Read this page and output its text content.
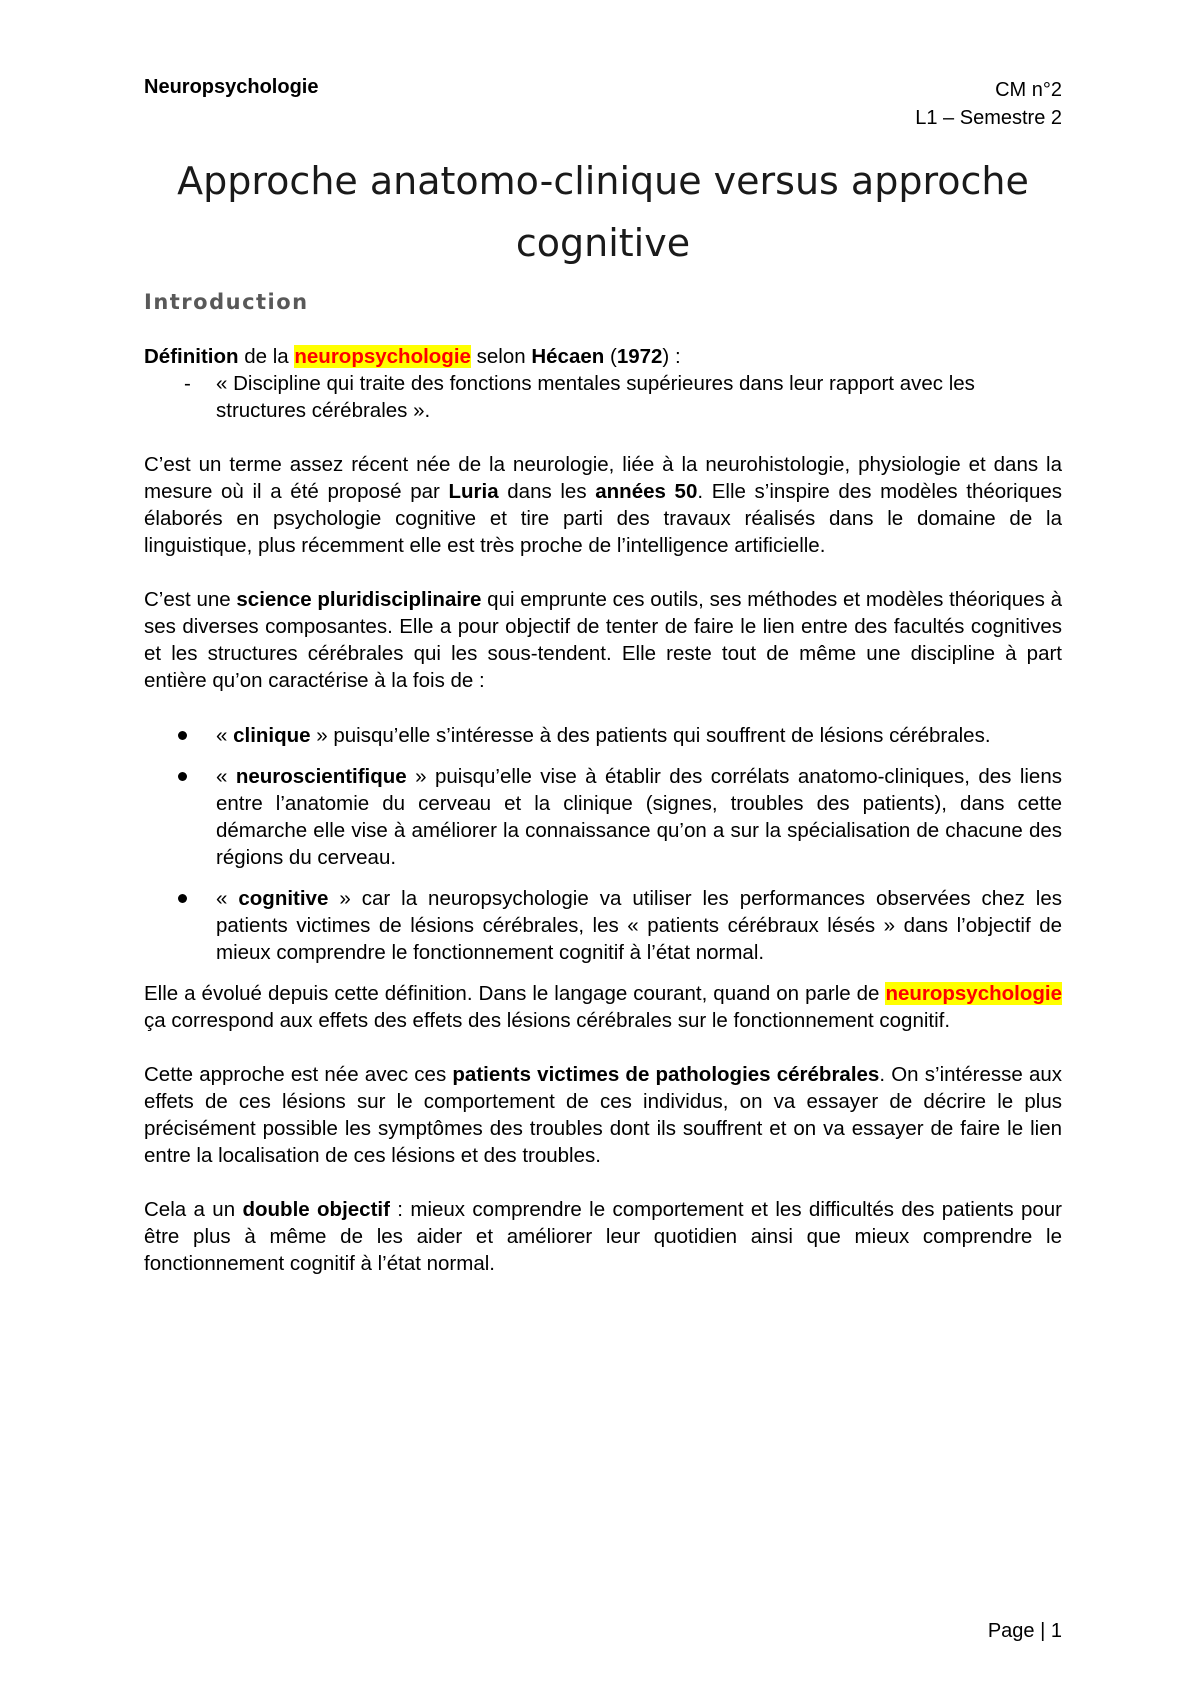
Neuropsychologie	CM n°2
L1 – Semestre 2
Approche anatomo-clinique versus approche cognitive
Introduction

Définition de la neuropsychologie selon Hécaen (1972) :

- « Discipline qui traite des fonctions mentales supérieures dans leur rapport avec les structures cérébrales ».

C’est un terme assez récent née de la neurologie, liée à la neurohistologie, physiologie et dans la mesure où il a été proposé par Luria dans les années 50. Elle s’inspire des modèles théoriques élaborés en psychologie cognitive et tire parti des travaux réalisés dans le domaine de la linguistique, plus récemment elle est très proche de l’intelligence artificielle.

C’est une science pluridisciplinaire qui emprunte ces outils, ses méthodes et modèles théoriques à ses diverses composantes. Elle a pour objectif de tenter de faire le lien entre des facultés cognitives et les structures cérébrales qui les sous-tendent. Elle reste tout de même une discipline à part entière qu’on caractérise à la fois de :

« clinique » puisqu’elle s’intéresse à des patients qui souffrent de lésions cérébrales.
« neuroscientifique » puisqu’elle vise à établir des corrélats anatomo-cliniques, des liens entre l’anatomie du cerveau et la clinique (signes, troubles des patients), dans cette démarche elle vise à améliorer la connaissance qu’on a sur la spécialisation de chacune des régions du cerveau.
« cognitive » car la neuropsychologie va utiliser les performances observées chez les patients victimes de lésions cérébrales, les « patients cérébraux lésés » dans l’objectif de mieux comprendre le fonctionnement cognitif à l’état normal.

Elle a évolué depuis cette définition. Dans le langage courant, quand on parle de neuropsychologie ça correspond aux effets des effets des lésions cérébrales sur le fonctionnement cognitif.

Cette approche est née avec ces patients victimes de pathologies cérébrales. On s’intéresse aux effets de ces lésions sur le comportement de ces individus, on va essayer de décrire le plus précisément possible les symptômes des troubles dont ils souffrent et on va essayer de faire le lien entre la localisation de ces lésions et des troubles.

Cela a un double objectif : mieux comprendre le comportement et les difficultés des patients pour être plus à même de les aider et améliorer leur quotidien ainsi que mieux comprendre le fonctionnement cognitif à l’état normal.

Page | 1
